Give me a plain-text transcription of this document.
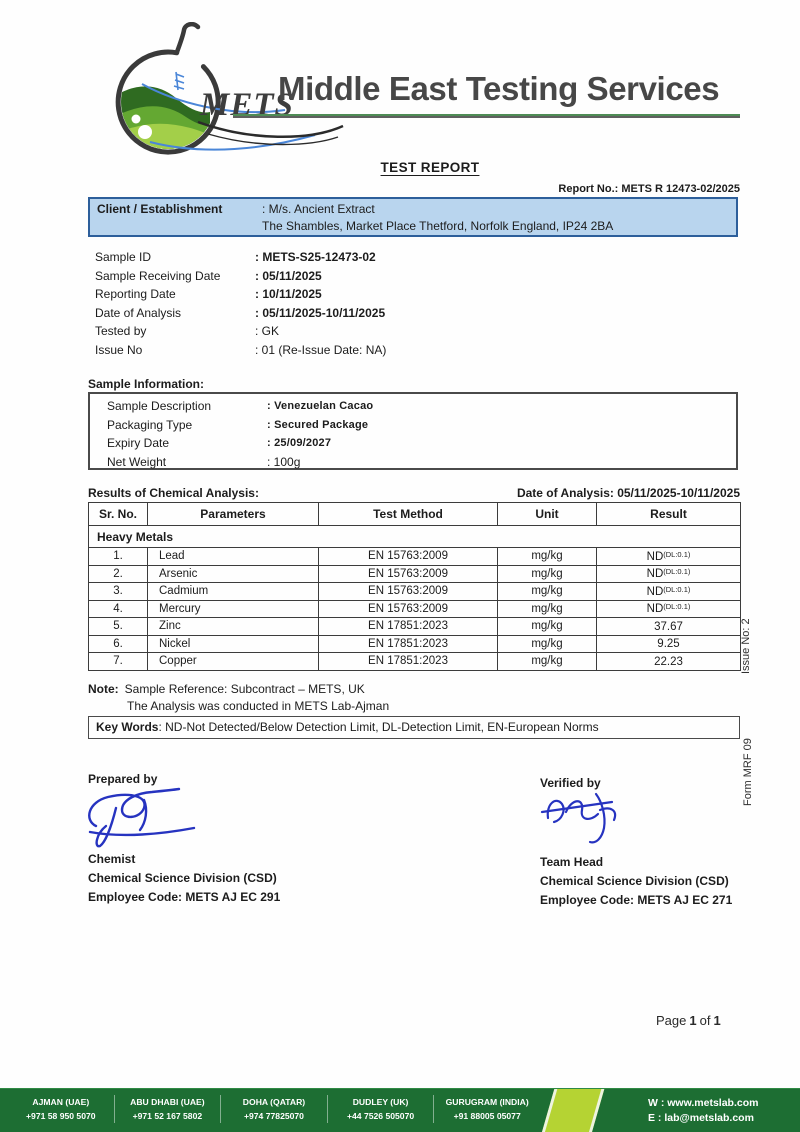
METS
Middle East Testing Services
TEST REPORT
Report No.: METS R 12473-02/2025
Client / Establishment	: M/s. Ancient Extract
The Shambles, Market Place Thetford, Norfolk England, IP24 2BA
Sample ID	: METS-S25-12473-02
Sample Receiving Date	: 05/11/2025
Reporting Date	: 10/11/2025
Date of Analysis	: 05/11/2025-10/11/2025
Tested by	: GK
Issue No	: 01 (Re-Issue Date: NA)
Sample Information:
Sample Description	: Venezuelan Cacao
Packaging Type	: Secured Package
Expiry Date	: 25/09/2027
Net Weight	: 100g
Results of Chemical Analysis:	Date of Analysis: 05/11/2025-10/11/2025
Sr. No.	Parameters	Test Method	Unit	Result
Heavy Metals				
1.	Lead	EN 15763:2009	mg/kg	$ND^{(DL:0.1)}$
2.	Arsenic	EN 15763:2009	mg/kg	$ND^{(DL:0.1)}$
3.	Cadmium	EN 15763:2009	mg/kg	$ND^{(DL:0.1)}$
4.	Mercury	EN 15763:2009	mg/kg	$ND^{(DL:0.1)}$
5.	Zinc	EN 17851:2023	mg/kg	37.67
6.	Nickel	EN 17851:2023	mg/kg	9.25
7.	Copper	EN 17851:2023	mg/kg	22.23
Note: Sample Reference: Subcontract – METS, UK
The Analysis was conducted in METS Lab-Ajman
Key Words: ND-Not Detected/Below Detection Limit, DL-Detection Limit, EN-European Norms
Issue No: 2
Form MRF 09
Prepared by	Verified by
Chemist
Chemical Science Division (CSD)
Employee Code: METS AJ EC 291
Team Head
Chemical Science Division (CSD)
Employee Code: METS AJ EC 271
Page 1 of 1
AJMAN (UAE)
+971 58 950 5070
ABU DHABI (UAE)
+971 52 167 5802
DOHA (QATAR)
+974 77825070
DUDLEY (UK)
+44 7526 505070
GURUGRAM (INDIA)
+91 88005 05077
W : www.metslab.com
E : lab@metslab.com
